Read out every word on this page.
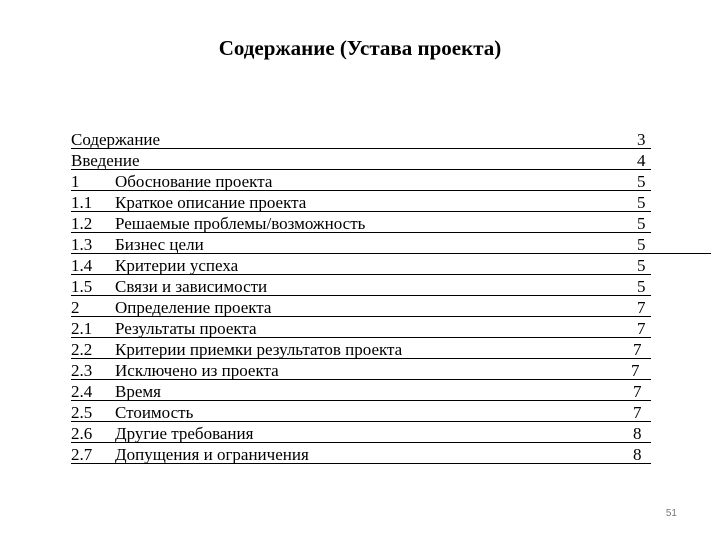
Содержание (Устава проекта)
Содержание	3
Введение	4
1 Обоснование проекта	5
1.1 Краткое описание проекта	5
1.2 Решаемые проблемы/возможность	5
1.3 Бизнес цели	5
1.4 Критерии успеха	5
1.5 Связи и зависимости	5
2 Определение проекта	7
2.1 Результаты проекта	7
2.2 Критерии приемки результатов проекта	7
2.3 Исключено из проекта	7
2.4 Время	7
2.5 Стоимость	7
2.6 Другие требования	8
2.7 Допущения и ограничения	8
51
